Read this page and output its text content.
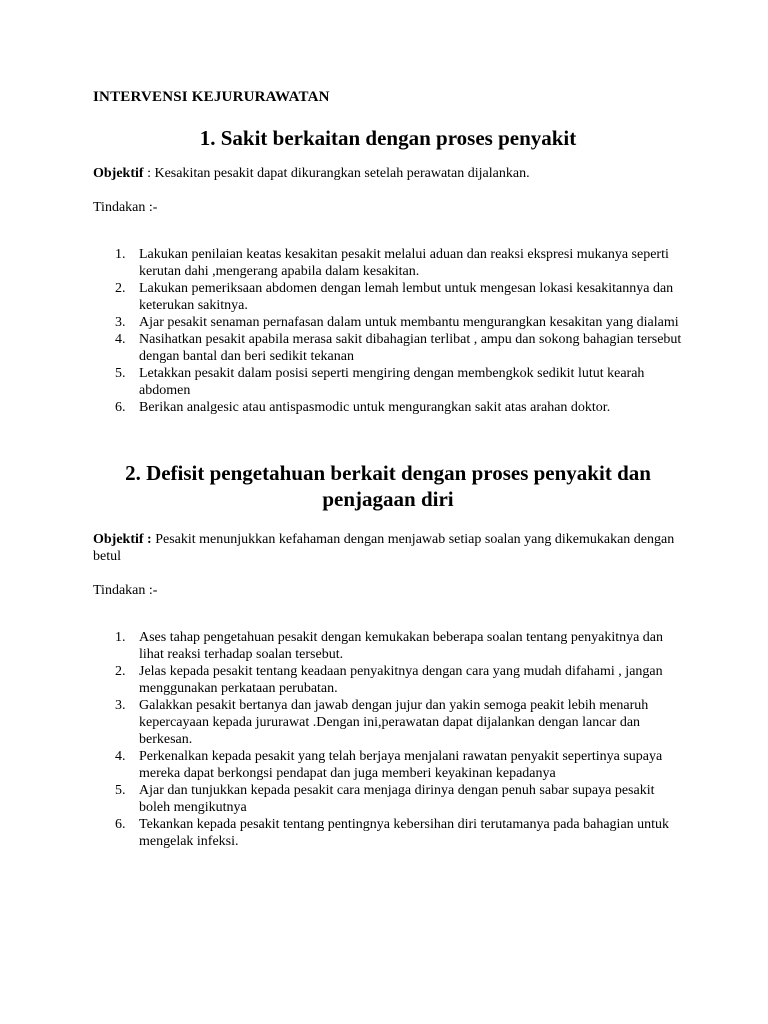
INTERVENSI KEJURURAWATAN

1. Sakit berkaitan dengan proses penyakit

Objektif : Kesakitan pesakit dapat dikurangkan setelah perawatan dijalankan.

Tindakan :-

1. Lakukan penilaian keatas kesakitan pesakit melalui aduan dan reaksi ekspresi mukanya seperti kerutan dahi ,mengerang apabila dalam kesakitan.
2. Lakukan pemeriksaan abdomen dengan lemah lembut untuk mengesan lokasi kesakitannya dan keterukan sakitnya.
3. Ajar pesakit senaman pernafasan dalam untuk membantu mengurangkan kesakitan yang dialami
4. Nasihatkan pesakit apabila merasa sakit dibahagian terlibat , ampu dan sokong bahagian tersebut dengan bantal dan beri sedikit tekanan
5. Letakkan pesakit dalam posisi seperti mengiring dengan membengkok sedikit lutut kearah abdomen
6. Berikan analgesic atau antispasmodic untuk mengurangkan sakit atas arahan doktor.
2. Defisit pengetahuan berkait dengan proses penyakit dan penjagaan diri

Objektif : Pesakit menunjukkan kefahaman dengan menjawab setiap soalan yang dikemukakan dengan betul

Tindakan :-

1. Ases tahap pengetahuan pesakit dengan kemukakan beberapa soalan tentang penyakitnya dan lihat reaksi terhadap soalan tersebut.
2. Jelas kepada pesakit tentang keadaan penyakitnya dengan cara yang mudah difahami , jangan menggunakan perkataan perubatan.
3. Galakkan pesakit bertanya dan jawab dengan jujur dan yakin semoga peakit lebih menaruh kepercayaan kepada jururawat .Dengan ini,perawatan dapat dijalankan dengan lancar dan berkesan.
4. Perkenalkan kepada pesakit yang telah berjaya menjalani rawatan penyakit sepertinya supaya mereka dapat berkongsi pendapat dan juga memberi keyakinan kepadanya
5. Ajar dan tunjukkan kepada pesakit cara menjaga dirinya dengan penuh sabar supaya pesakit boleh mengikutnya
6. Tekankan kepada pesakit tentang pentingnya kebersihan diri terutamanya pada bahagian untuk mengelak infeksi.
